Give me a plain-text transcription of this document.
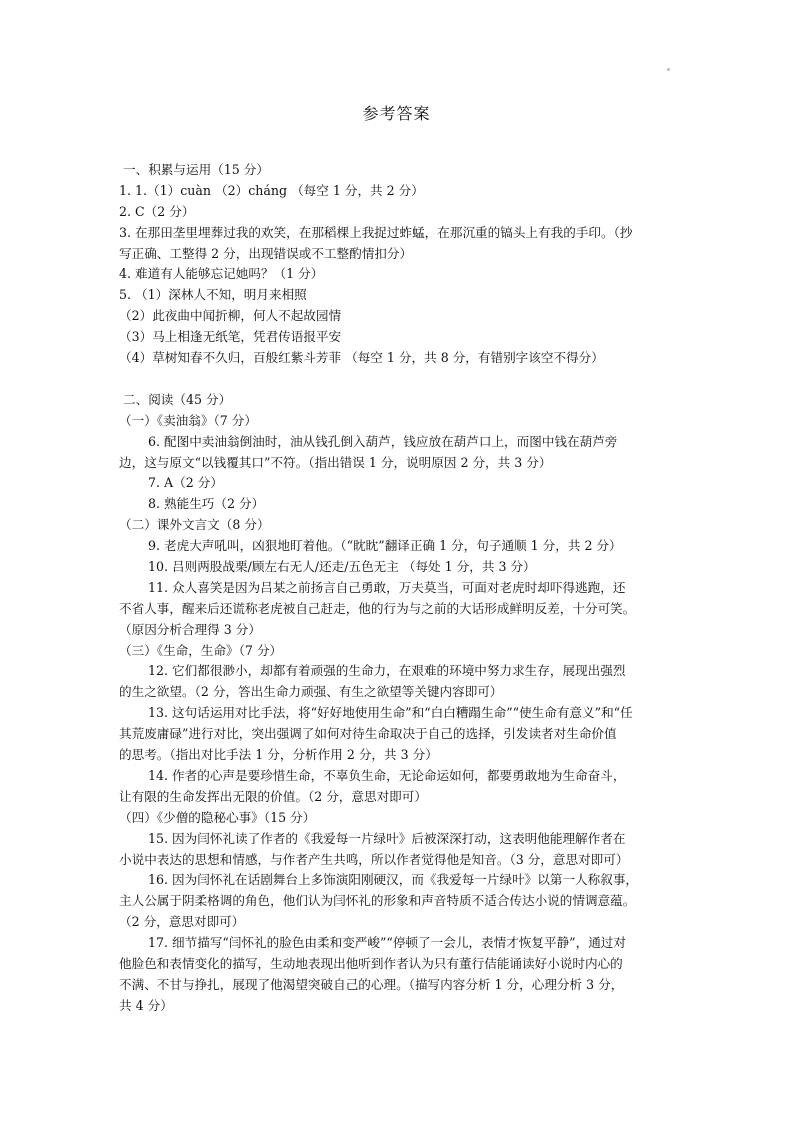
参考答案
一、积累与运用（15 分）
1. 1.（1）cuàn （2）cháng （每空 1 分，共 2 分）
2. C（2 分）
3. 在那田垄里埋葬过我的欢笑，在那稻棵上我捉过蚱蜢，在那沉重的镐头上有我的手印。（抄
写正确、工整得 2 分，出现错误或不工整酌情扣分）
4. 难道有人能够忘记她吗？（1 分）
5. （1）深林人不知，明月来相照
（2）此夜曲中闻折柳，何人不起故园情
（3）马上相逢无纸笔，凭君传语报平安
（4）草树知春不久归，百般红紫斗芳菲 （每空 1 分，共 8 分，有错别字该空不得分）
二、阅读（45 分）
（一）《卖油翁》（7 分）
6. 配图中卖油翁倒油时，油从钱孔倒入葫芦，钱应放在葫芦口上，而图中钱在葫芦旁
边，这与原文“以钱覆其口”不符。（指出错误 1 分，说明原因 2 分，共 3 分）
7. A（2 分）
8. 熟能生巧（2 分）
（二）课外文言文（8 分）
9. 老虎大声吼叫，凶狠地盯着他。（“眈眈”翻译正确 1 分，句子通顺 1 分，共 2 分）
10. 吕则两股战栗/顾左右无人/还走/五色无主 （每处 1 分，共 3 分）
11. 众人喜笑是因为吕某之前扬言自己勇敢，万夫莫当，可面对老虎时却吓得逃跑，还
不省人事，醒来后还谎称老虎被自己赶走，他的行为与之前的大话形成鲜明反差，十分可笑。
（原因分析合理得 3 分）
（三）《生命，生命》（7 分）
12. 它们都很渺小，却都有着顽强的生命力，在艰难的环境中努力求生存，展现出强烈
的生之欲望。（2 分，答出生命力顽强、有生之欲望等关键内容即可）
13. 这句话运用对比手法，将“好好地使用生命”和“白白糟蹋生命”“使生命有意义”和“任
其荒废庸碌”进行对比，突出强调了如何对待生命取决于自己的选择，引发读者对生命价值
的思考。（指出对比手法 1 分，分析作用 2 分，共 3 分）
14. 作者的心声是要珍惜生命，不辜负生命，无论命运如何，都要勇敢地为生命奋斗，
让有限的生命发挥出无限的价值。（2 分，意思对即可）
（四）《少僧的隐秘心事》（15 分）
15. 因为闫怀礼读了作者的《我爱每一片绿叶》后被深深打动，这表明他能理解作者在
小说中表达的思想和情感，与作者产生共鸣，所以作者觉得他是知音。（3 分，意思对即可）
16. 因为闫怀礼在话剧舞台上多饰演阳刚硬汉，而《我爱每一片绿叶》以第一人称叙事，
主人公属于阴柔格调的角色，他们认为闫怀礼的形象和声音特质不适合传达小说的情调意蕴。
（2 分，意思对即可）
17. 细节描写“闫怀礼的脸色由柔和变严峻”“停顿了一会儿，表情才恢复平静”，通过对
他脸色和表情变化的描写，生动地表现出他听到作者认为只有董行佶能诵读好小说时内心的
不满、不甘与挣扎，展现了他渴望突破自己的心理。（描写内容分析 1 分，心理分析 3 分，
共 4 分）
